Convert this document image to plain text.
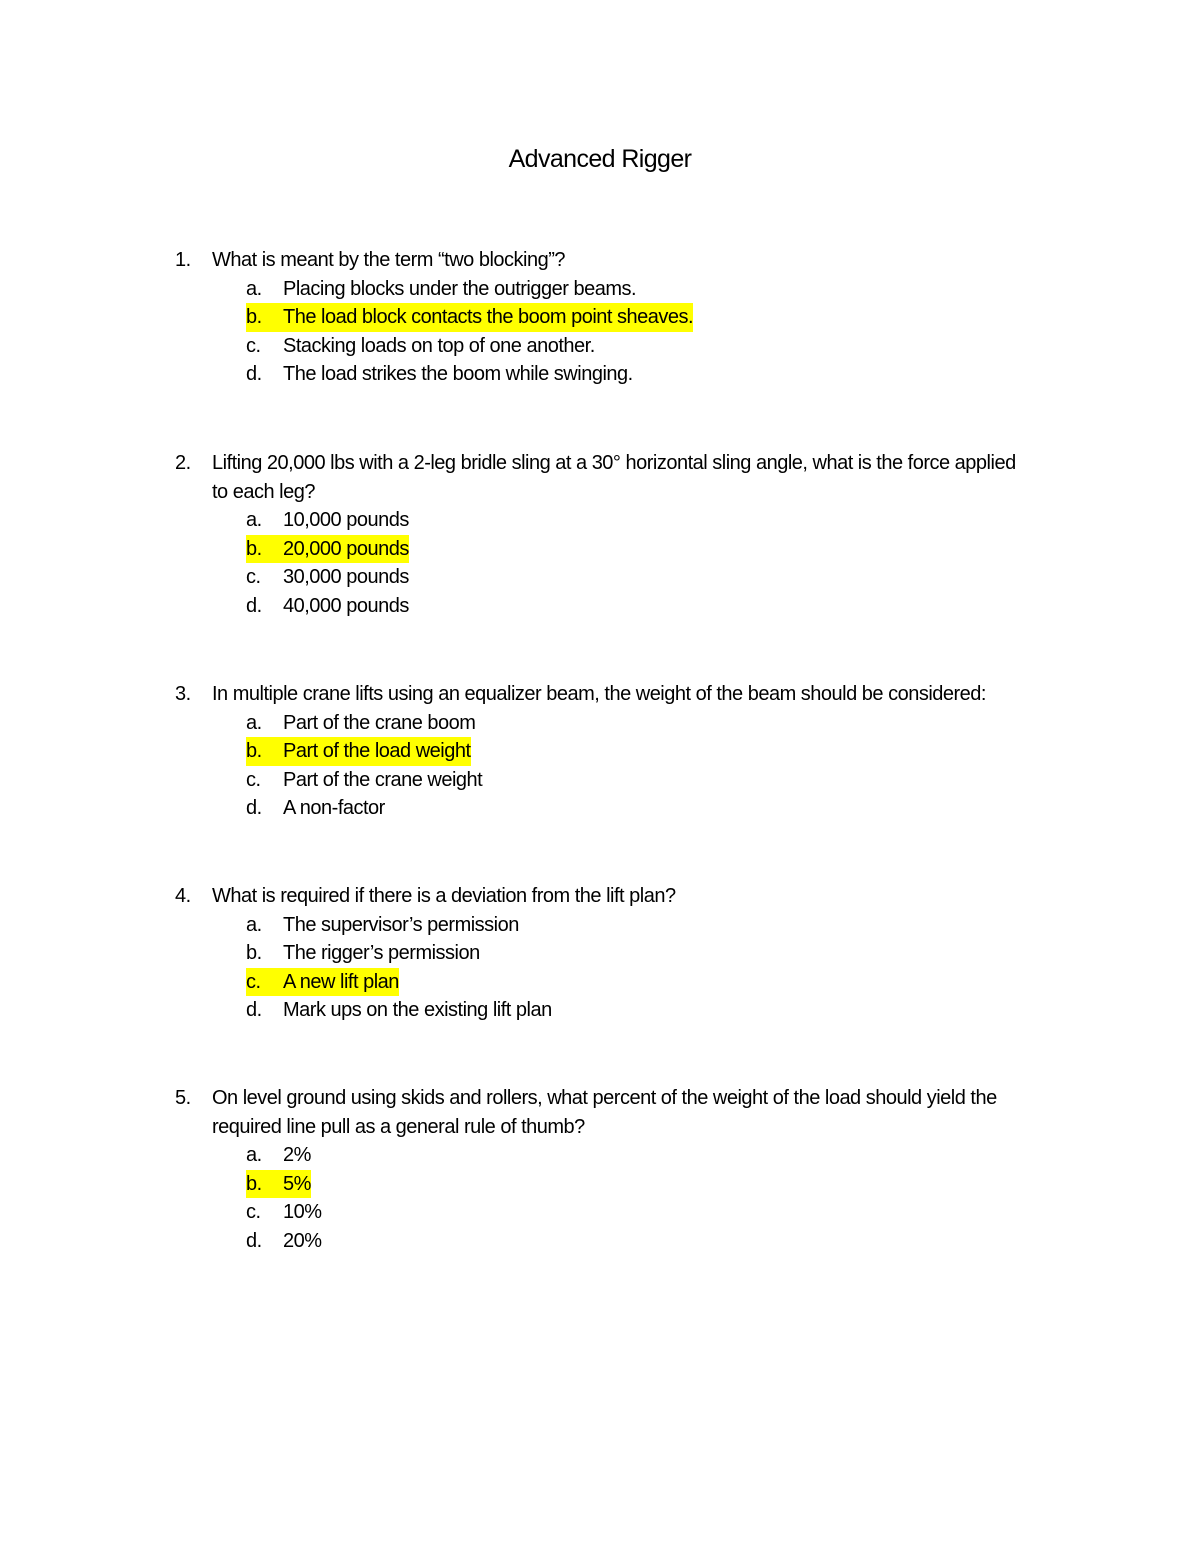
Advanced Rigger
1. What is meant by the term “two blocking”?
a. Placing blocks under the outrigger beams.
b. The load block contacts the boom point sheaves.
c. Stacking loads on top of one another.
d. The load strikes the boom while swinging.
2. Lifting 20,000 lbs with a 2-leg bridle sling at a 30° horizontal sling angle, what is the force applied
to each leg?
a. 10,000 pounds
b. 20,000 pounds
c. 30,000 pounds
d. 40,000 pounds
3. In multiple crane lifts using an equalizer beam, the weight of the beam should be considered:
a. Part of the crane boom
b. Part of the load weight
c. Part of the crane weight
d. A non-factor
4. What is required if there is a deviation from the lift plan?
a. The supervisor’s permission
b. The rigger’s permission
c. A new lift plan
d. Mark ups on the existing lift plan
5. On level ground using skids and rollers, what percent of the weight of the load should yield the
required line pull as a general rule of thumb?
a. 2%
b. 5%
c. 10%
d. 20%
